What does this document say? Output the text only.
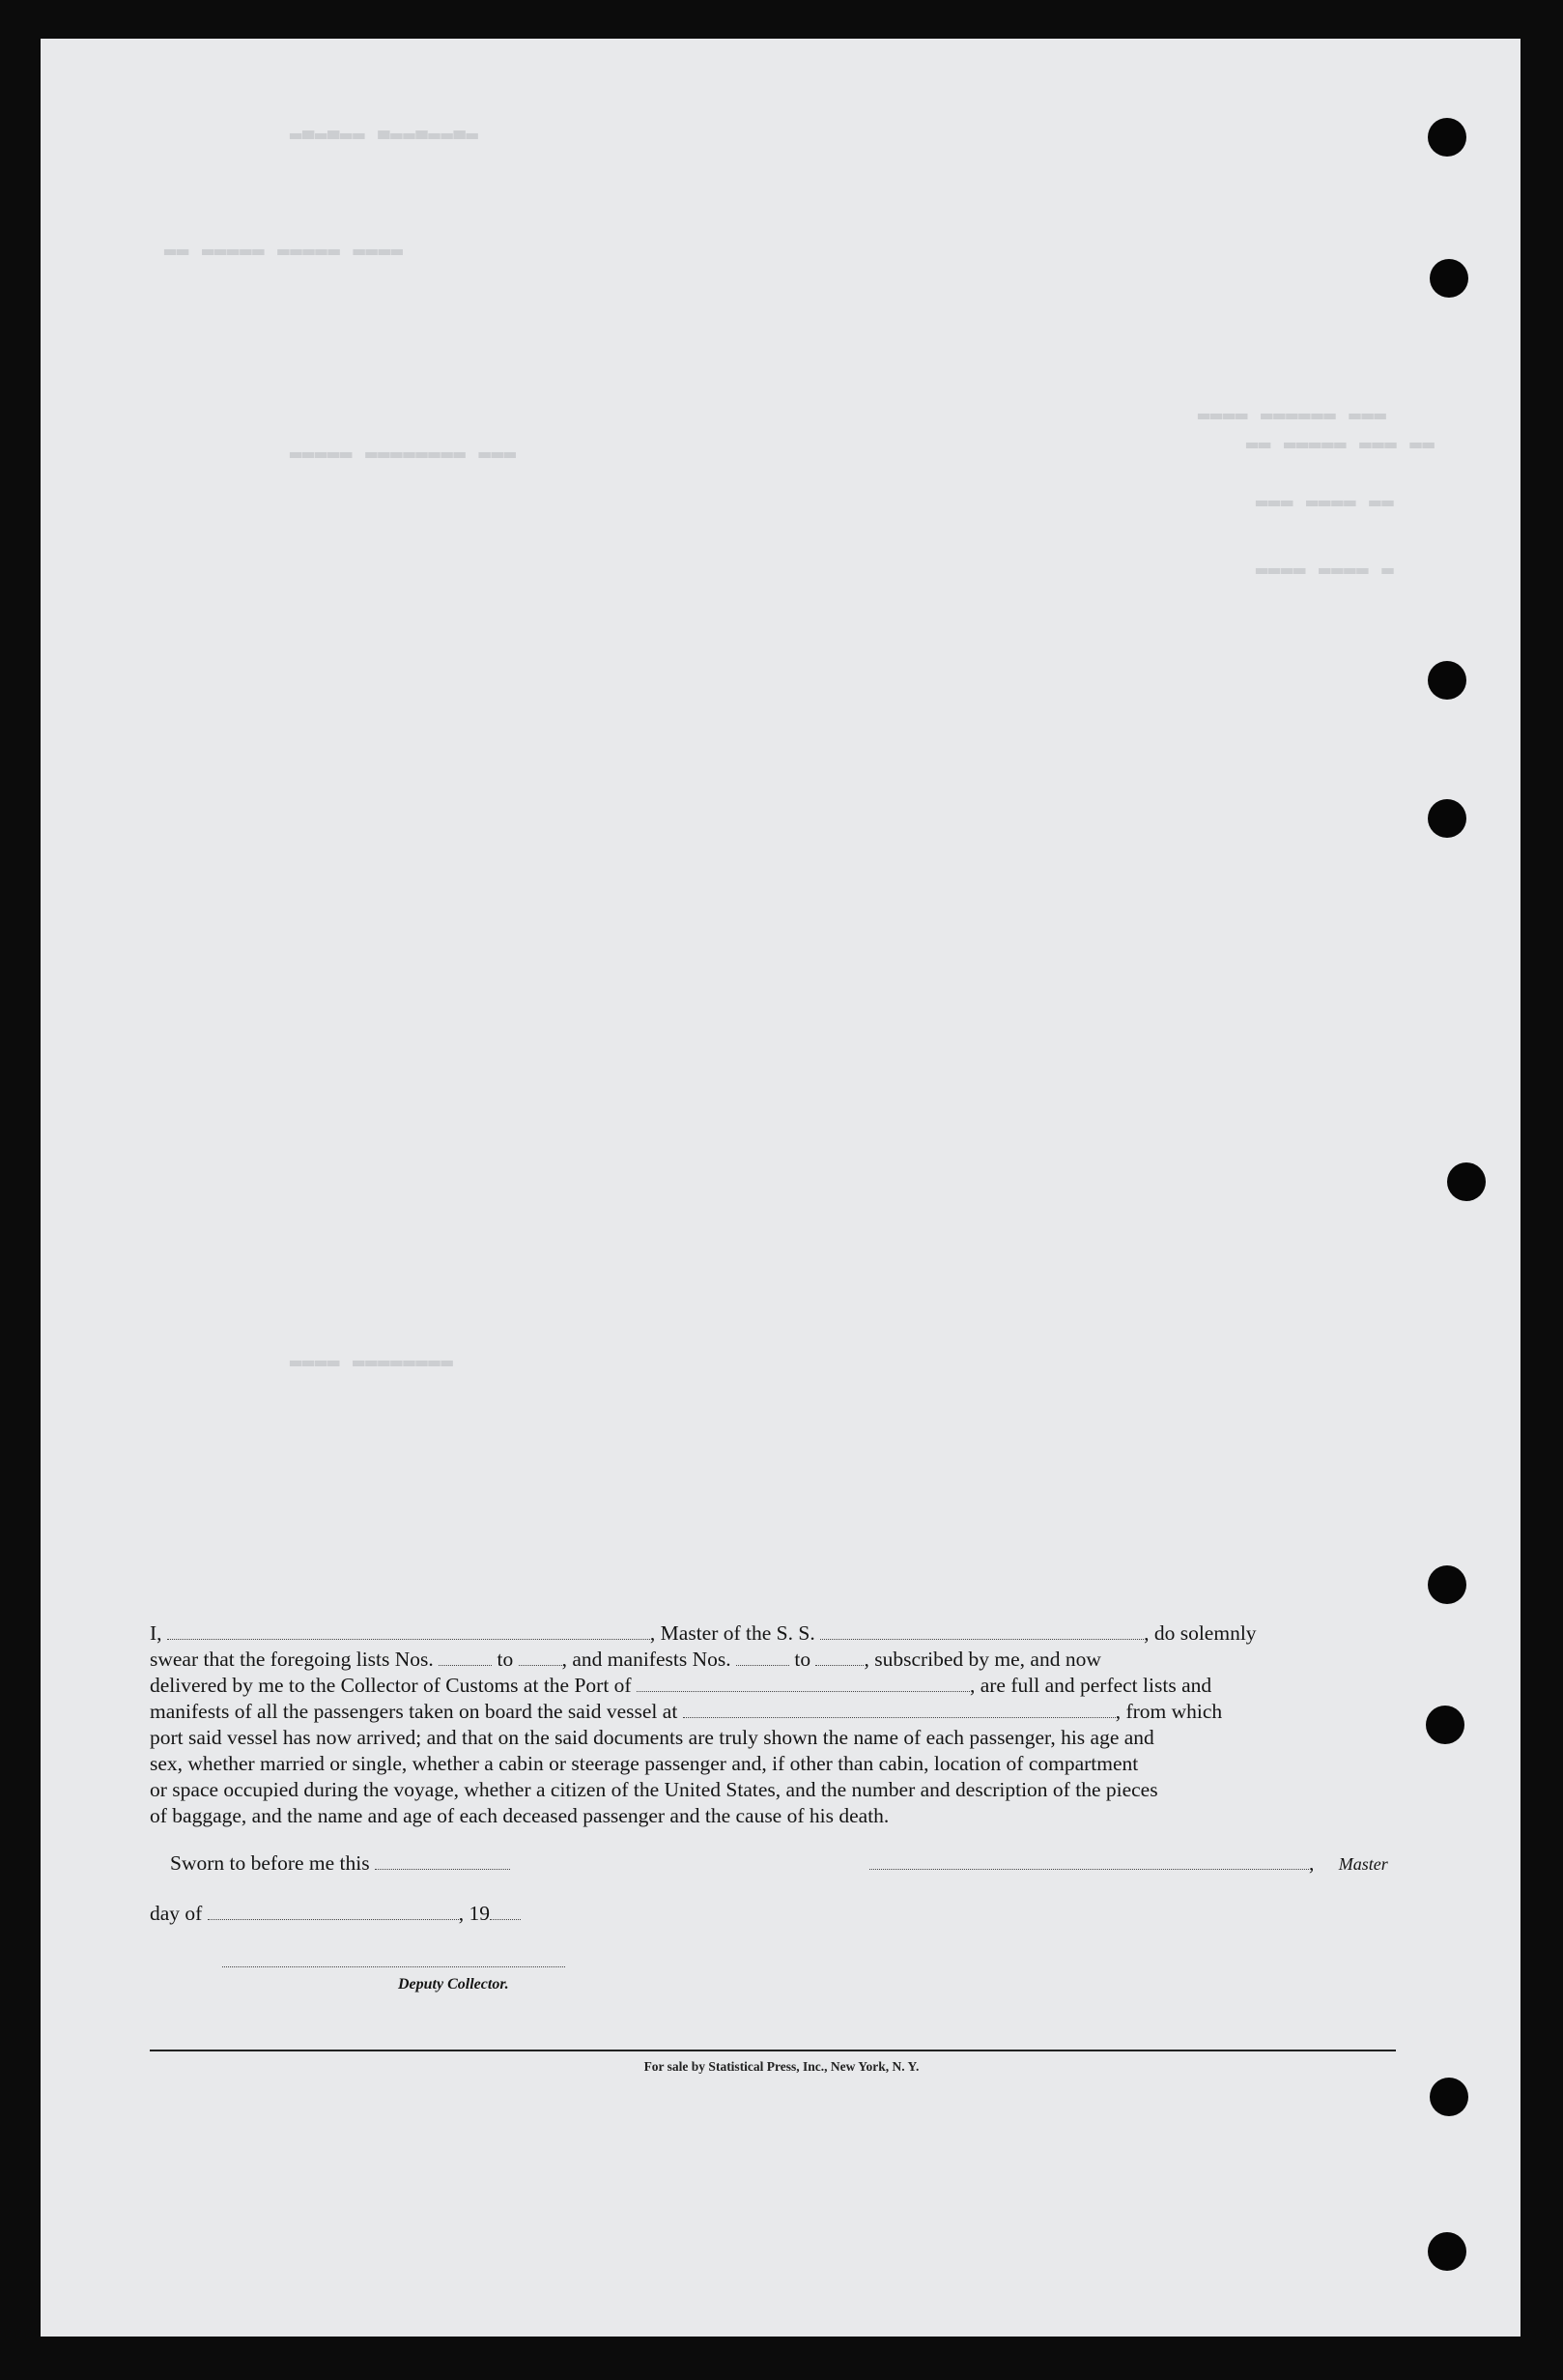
▂▃▂▃▂▂ ▃▂▂▃▂▂▃▂
▂▂ ▂▂▂▂▂ ▂▂▂▂▂ ▂▂▂▂
▂▂▂▂ ▂▂▂▂▂▂ ▂▂▂
▂▂ ▂▂▂▂▂ ▂▂▂ ▂▂
▂▂▂▂▂ ▂▂▂▂▂▂▂▂ ▂▂▂
▂▂▂ ▂▂▂▂ ▂▂
▂▂▂▂ ▂▂▂▂ ▂
▂▂▂▂ ▂▂▂▂▂▂▂▂
I,	, Master of the S. S.	, do solemnly
swear that the foregoing lists Nos.	to , and manifests Nos.	to	, subscribed by me, and now
delivered by me to the Collector of Customs at the Port of	, are full and perfect lists and
manifests of all the passengers taken on board the said vessel at	, from which
port said vessel has now arrived; and that on the said documents are truly shown the name of each passenger, his age and
sex, whether married or single, whether a cabin or steerage passenger and, if other than cabin, location of compartment
or space occupied during the voyage, whether a citizen of the United States, and the number and description of the pieces
of baggage, and the name and age of each deceased passenger and the cause of his death.
Sworn to before me this	, Master
day of	, 19
Deputy Collector.
For sale by Statistical Press, Inc., New York, N. Y.
